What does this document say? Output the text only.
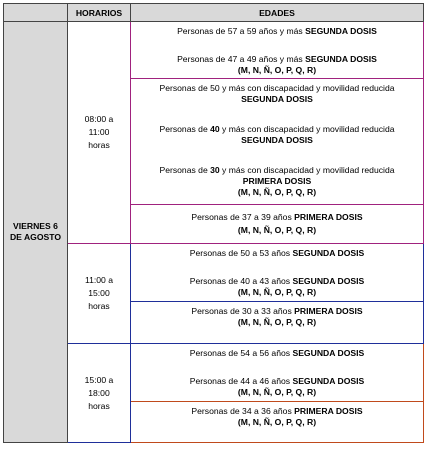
HORARIOS	EDADES
VIERNES 6
DE AGOSTO
08:00 a
11:00
horas
11:00 a
15:00
horas
15:00 a
18:00
horas
Personas de 57 a 59 años y más SEGUNDA DOSIS
Personas de 47 a 49 años y más SEGUNDA DOSIS
(M, N, Ñ, O, P, Q, R)
Personas de 50 y más con discapacidad y movilidad reducida
SEGUNDA DOSIS
Personas de 40 y más con discapacidad y movilidad reducida
SEGUNDA DOSIS
Personas de 30 y más con discapacidad y movilidad reducida
PRIMERA DOSIS
(M, N, Ñ, O, P, Q, R)
Personas de 37 a 39 años PRIMERA DOSIS
(M, N, Ñ, O, P, Q, R)
Personas de 50 a 53 años SEGUNDA DOSIS
Personas de 40 a 43 años SEGUNDA DOSIS
(M, N, Ñ, O, P, Q, R)
Personas de 30 a 33 años PRIMERA DOSIS
(M, N, Ñ, O, P, Q, R)
Personas de 54 a 56 años SEGUNDA DOSIS
Personas de 44 a 46 años SEGUNDA DOSIS
(M, N, Ñ, O, P, Q, R)
Personas de 34 a 36 años PRIMERA DOSIS
(M, N, Ñ, O, P, Q, R)
